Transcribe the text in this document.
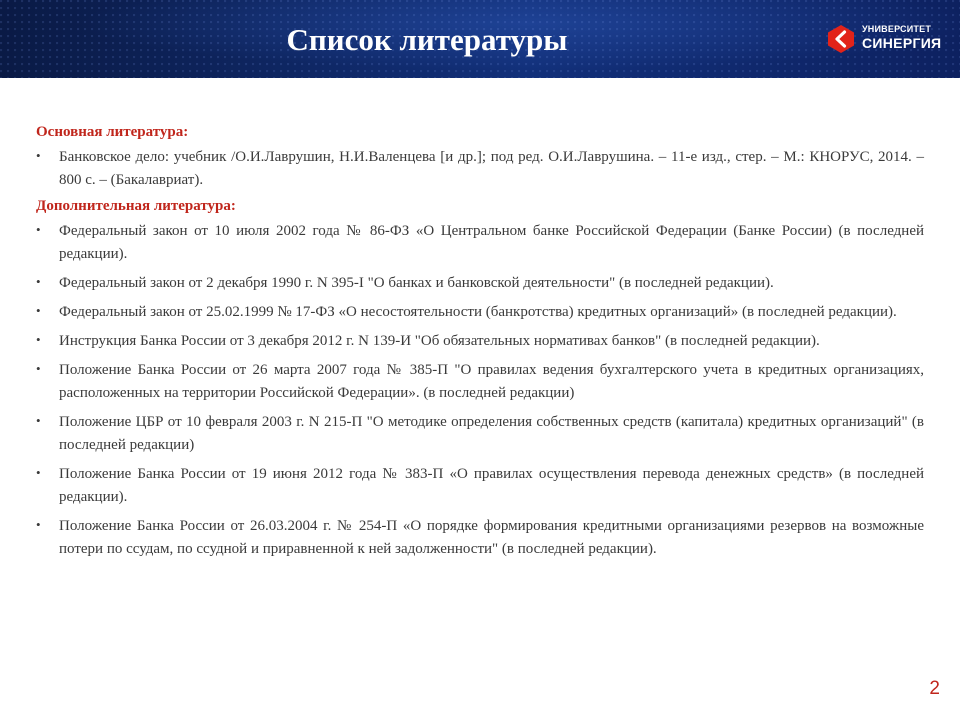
Список литературы	УНИВЕРСИТЕТ
СИНЕРГИЯ
Основная литература:
• Банковское дело: учебник /О.И.Лаврушин, Н.И.Валенцева [и др.]; под ред. О.И.Лаврушина. – 11-е изд., стер. – М.: КНОРУС, 2014. – 800 с. – (Бакалавриат).
Дополнительная литература:
• Федеральный закон от 10 июля 2002 года № 86-ФЗ «О Центральном банке Российской Федерации (Банке России) (в последней редакции).
• Федеральный закон от 2 декабря 1990 г. N 395-I "О банках и банковской деятельности" (в последней редакции).
• Федеральный закон от 25.02.1999 № 17-ФЗ «О несостоятельности (банкротства) кредитных организаций» (в последней редакции).
• Инструкция Банка России от 3 декабря 2012 г. N 139-И "Об обязательных нормативах банков" (в последней редакции).
• Положение Банка России от 26 марта 2007 года № 385-П "О правилах ведения бухгалтерского учета в кредитных организациях, расположенных на территории Российской Федерации». (в последней редакции)
• Положение ЦБР от 10 февраля 2003 г. N 215-П "О методике определения собственных средств (капитала) кредитных организаций" (в последней редакции)
• Положение Банка России от 19 июня 2012 года № 383-П «О правилах осуществления перевода денежных средств» (в последней редакции).
• Положение Банка России от 26.03.2004 г. № 254-П «О порядке формирования кредитными организациями резервов на возможные потери по ссудам, по ссудной и приравненной к ней задолженности" (в последней редакции).
2
